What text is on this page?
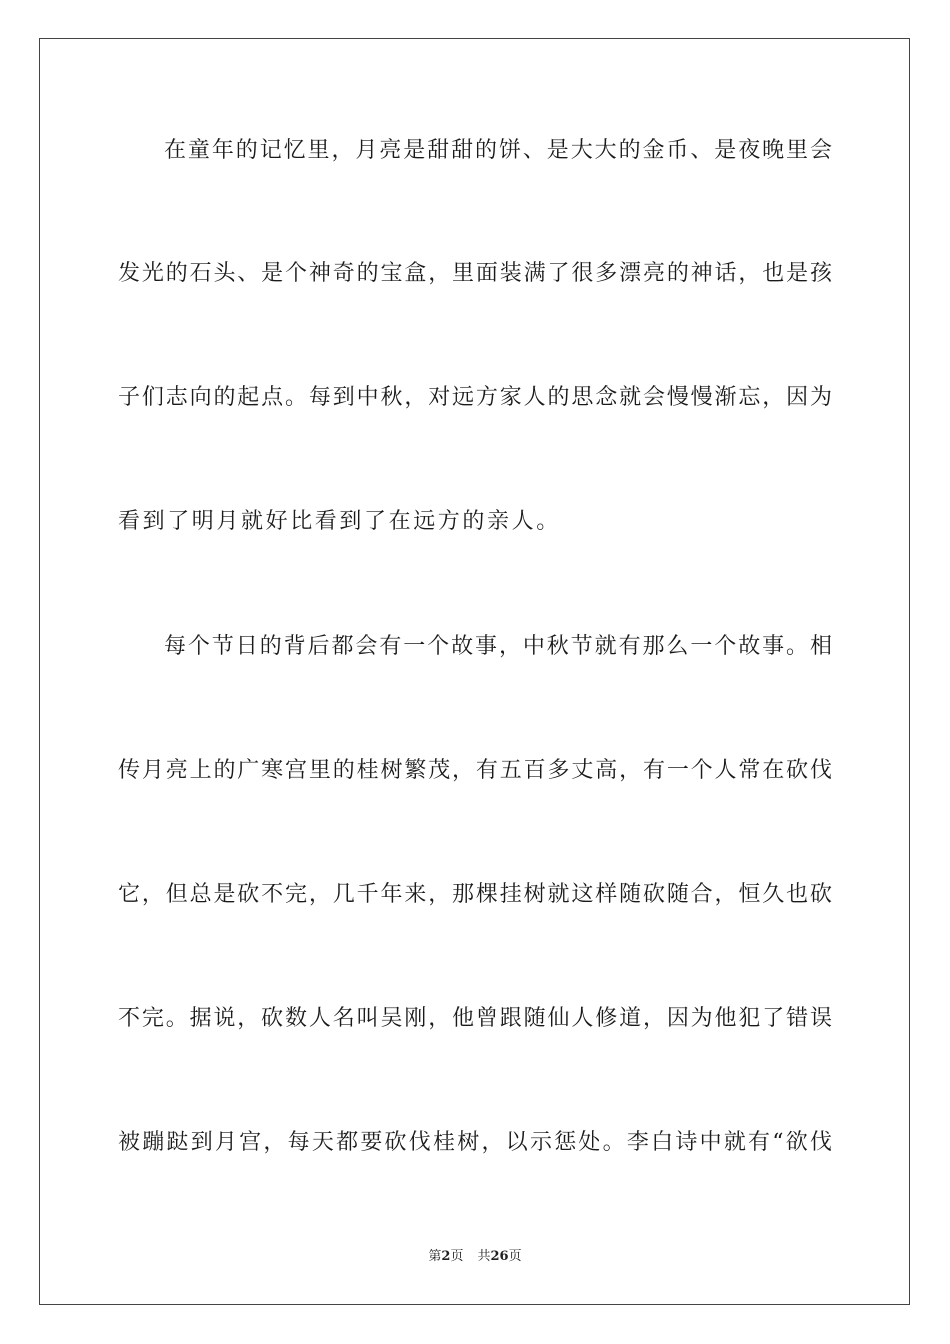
在童年的记忆里，月亮是甜甜的饼、是大大的金币、是夜晚里会
发光的石头、是个神奇的宝盒，里面装满了很多漂亮的神话，也是孩
子们志向的起点。每到中秋，对远方家人的思念就会慢慢渐忘，因为
看到了明月就好比看到了在远方的亲人。
每个节日的背后都会有一个故事，中秋节就有那么一个故事。相
传月亮上的广寒宫里的桂树繁茂，有五百多丈高，有一个人常在砍伐
它，但总是砍不完，几千年来，那棵挂树就这样随砍随合，恒久也砍
不完。据说，砍数人名叫吴刚，他曾跟随仙人修道，因为他犯了错误
被蹦跶到月宫，每天都要砍伐桂树，以示惩处。李白诗中就有“欲伐
第2页 共26页
